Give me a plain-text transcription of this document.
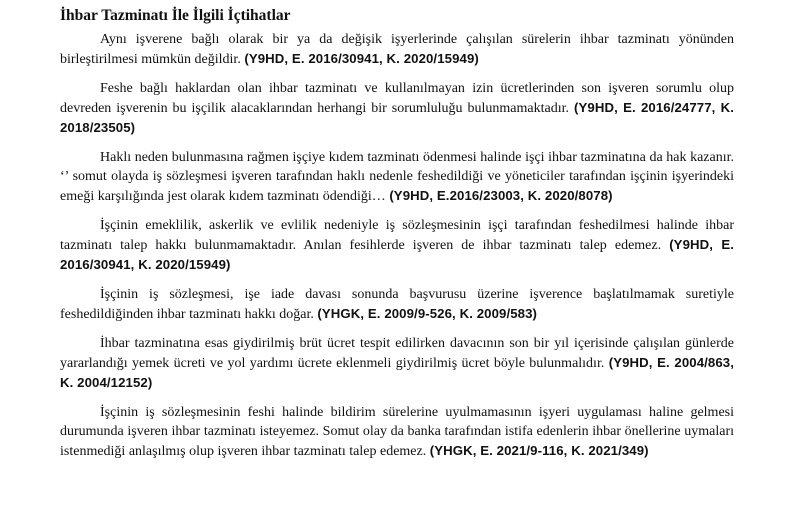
İhbar Tazminatı İle İlgili İçtihatlar

Aynı işverene bağlı olarak bir ya da değişik işyerlerinde çalışılan sürelerin ihbar tazminatı yönünden birleştirilmesi mümkün değildir. (Y9HD, E. 2016/30941, K. 2020/15949)

Feshe bağlı haklardan olan ihbar tazminatı ve kullanılmayan izin ücretlerinden son işveren sorumlu olup devreden işverenin bu işçilik alacaklarından herhangi bir sorumluluğu bulunmamaktadır. (Y9HD, E. 2016/24777, K. 2018/23505)

Haklı neden bulunmasına rağmen işçiye kıdem tazminatı ödenmesi halinde işçi ihbar tazminatına da hak kazanır. ‘’ somut olayda iş sözleşmesi işveren tarafından haklı nedenle feshedildiği ve yöneticiler tarafından işçinin işyerindeki emeği karşılığında jest olarak kıdem tazminatı ödendiği… (Y9HD, E.2016/23003, K. 2020/8078)

İşçinin emeklilik, askerlik ve evlilik nedeniyle iş sözleşmesinin işçi tarafından feshedilmesi halinde ihbar tazminatı talep hakkı bulunmamaktadır. Anılan fesihlerde işveren de ihbar tazminatı talep edemez. (Y9HD, E. 2016/30941, K. 2020/15949)

İşçinin iş sözleşmesi, işe iade davası sonunda başvurusu üzerine işverence başlatılmamak suretiyle feshedildiğinden ihbar tazminatı hakkı doğar. (YHGK, E. 2009/9-526, K. 2009/583)

İhbar tazminatına esas giydirilmiş brüt ücret tespit edilirken davacının son bir yıl içerisinde çalışılan günlerde yararlandığı yemek ücreti ve yol yardımı ücrete eklenmeli giydirilmiş ücret böyle bulunmalıdır. (Y9HD, E. 2004/863, K. 2004/12152)

İşçinin iş sözleşmesinin feshi halinde bildirim sürelerine uyulmamasının işyeri uygulaması haline gelmesi durumunda işveren ihbar tazminatı isteyemez. Somut olay da banka tarafından istifa edenlerin ihbar önellerine uymaları istenmediği anlaşılmış olup işveren ihbar tazminatı talep edemez. (YHGK, E. 2021/9-116, K. 2021/349)
